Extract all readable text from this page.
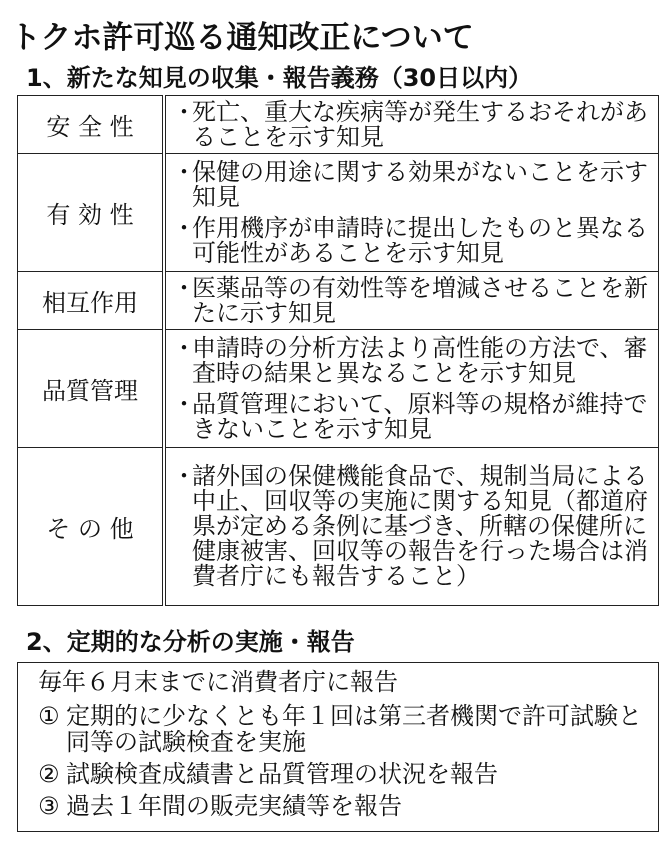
トクホ許可巡る通知改正について
1、新たな知見の収集・報告義務（30日以内）
安 全 性	・
死亡、重大な疾病等が発生するおそれがあることを示す知見

有 効 性	・
保健の用途に関する効果がないことを示す知見
・
作用機序が申請時に提出したものと異なる可能性があることを示す知見

相互作用	・
医薬品等の有効性等を増減させることを新たに示す知見

品質管理	・
申請時の分析方法より高性能の方法で、審査時の結果と異なることを示す知見
・
品質管理において、原料等の規格が維持できないことを示す知見

そ の 他	・
諸外国の保健機能食品で、規制当局による中止、回収等の実施に関する知見（都道府県が定める条例に基づき、所轄の保健所に健康被害、回収等の報告を行った場合は消費者庁にも報告すること）
2、定期的な分析の実施・報告
毎年６月末までに消費者庁に報告
① 定期的に少なくとも年１回は第三者機関で許可試験と同等の試験検査を実施
② 試験検査成績書と品質管理の状況を報告
③ 過去１年間の販売実績等を報告
